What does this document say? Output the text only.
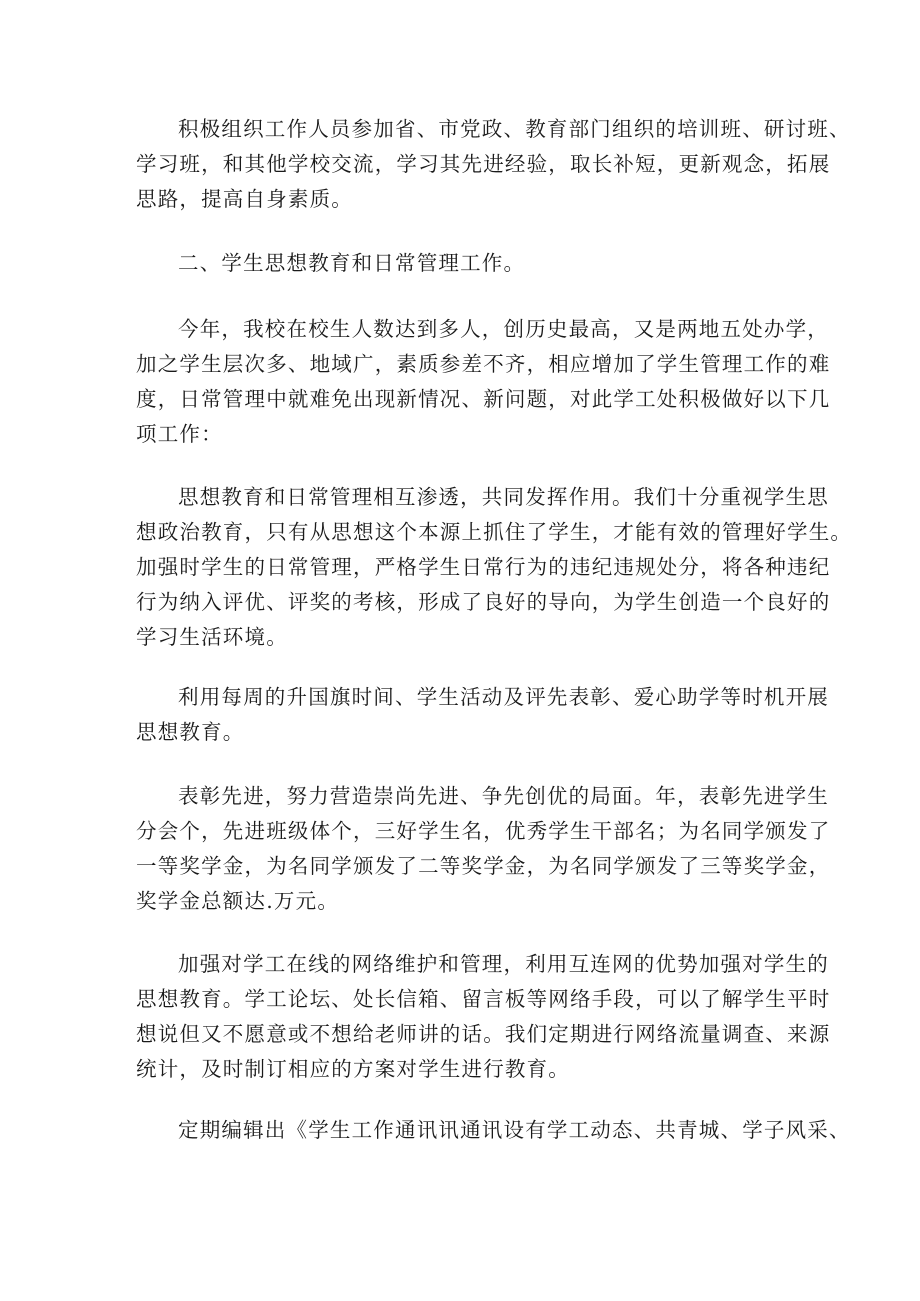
积极组织工作人员参加省、市党政、教育部门组织的培训班、研讨班、
学习班，和其他学校交流，学习其先进经验，取长补短，更新观念，拓展
思路，提高自身素质。

二、学生思想教育和日常管理工作。

今年，我校在校生人数达到多人，创历史最高，又是两地五处办学，
加之学生层次多、地域广，素质参差不齐，相应增加了学生管理工作的难
度，日常管理中就难免出现新情况、新问题，对此学工处积极做好以下几
项工作：

思想教育和日常管理相互渗透，共同发挥作用。我们十分重视学生思
想政治教育，只有从思想这个本源上抓住了学生，才能有效的管理好学生。
加强时学生的日常管理，严格学生日常行为的违纪违规处分，将各种违纪
行为纳入评优、评奖的考核，形成了良好的导向，为学生创造一个良好的
学习生活环境。

利用每周的升国旗时间、学生活动及评先表彰、爱心助学等时机开展
思想教育。

表彰先进，努力营造崇尚先进、争先创优的局面。年，表彰先进学生
分会个，先进班级体个，三好学生名，优秀学生干部名；为名同学颁发了
一等奖学金，为名同学颁发了二等奖学金，为名同学颁发了三等奖学金，
奖学金总额达.万元。

加强对学工在线的网络维护和管理，利用互连网的优势加强对学生的
思想教育。学工论坛、处长信箱、留言板等网络手段，可以了解学生平时
想说但又不愿意或不想给老师讲的话。我们定期进行网络流量调查、来源
统计，及时制订相应的方案对学生进行教育。

定期编辑出《学生工作通讯讯通讯设有学工动态、共青城、学子风采、
